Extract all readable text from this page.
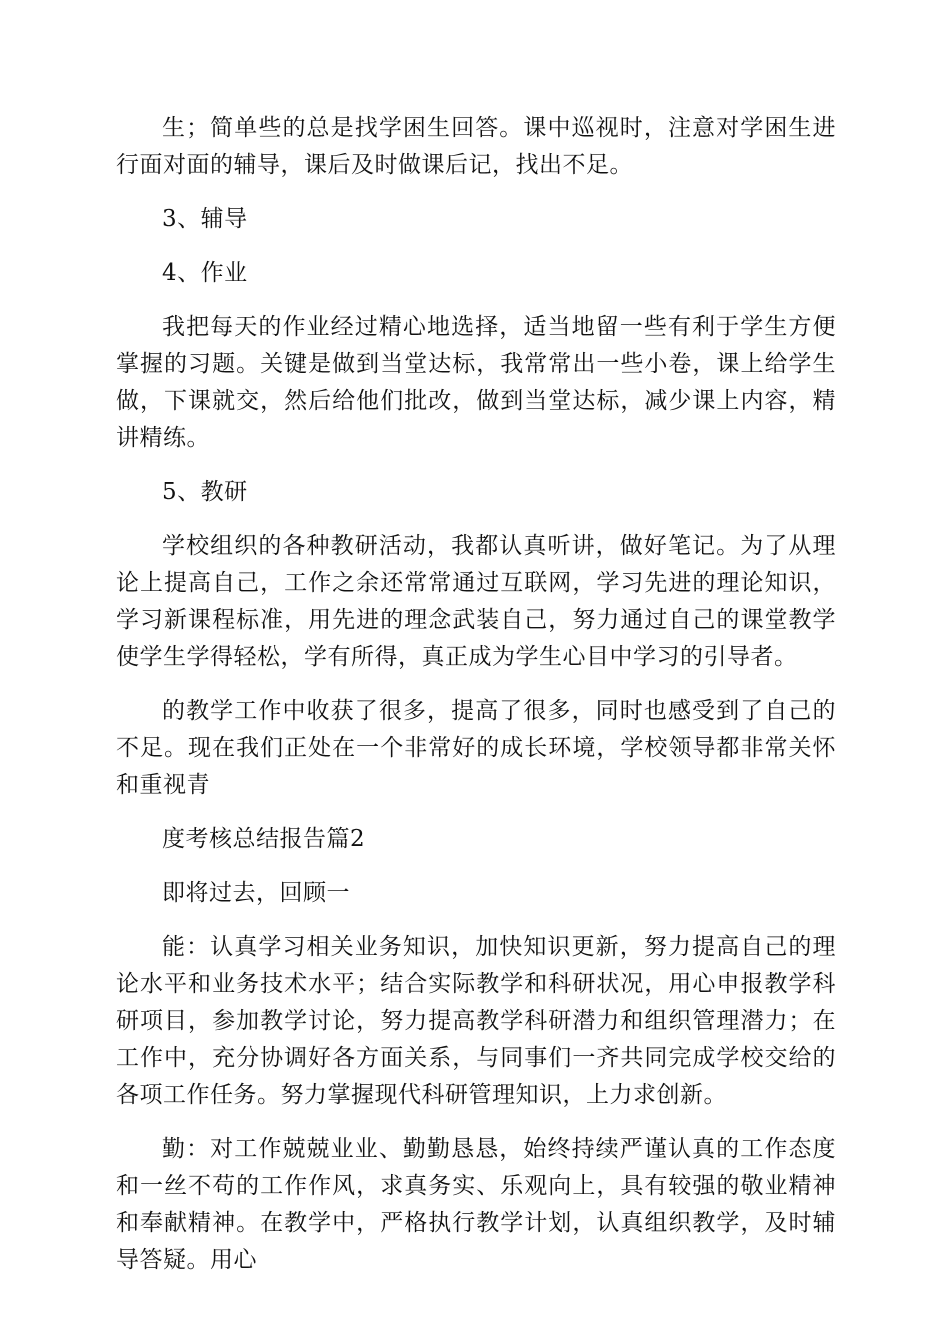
生；简单些的总是找学困生回答。课中巡视时，注意对学困生进行面对面的辅导，课后及时做课后记，找出不足。

3、辅导

4、作业

我把每天的作业经过精心地选择，适当地留一些有利于学生方便掌握的习题。关键是做到当堂达标，我常常出一些小卷，课上给学生做，下课就交，然后给他们批改，做到当堂达标，减少课上内容，精讲精练。

5、教研

学校组织的各种教研活动，我都认真听讲，做好笔记。为了从理论上提高自己，工作之余还常常通过互联网，学习先进的理论知识，学习新课程标准，用先进的理念武装自己，努力通过自己的课堂教学使学生学得轻松，学有所得，真正成为学生心目中学习的引导者。

的教学工作中收获了很多，提高了很多，同时也感受到了自己的不足。现在我们正处在一个非常好的成长环境，学校领导都非常关怀和重视青

度考核总结报告篇2

即将过去，回顾一

能：认真学习相关业务知识，加快知识更新，努力提高自己的理论水平和业务技术水平；结合实际教学和科研状况，用心申报教学科研项目，参加教学讨论，努力提高教学科研潜力和组织管理潜力；在工作中，充分协调好各方面关系，与同事们一齐共同完成学校交给的各项工作任务。努力掌握现代科研管理知识，上力求创新。

勤：对工作兢兢业业、勤勤恳恳，始终持续严谨认真的工作态度和一丝不苟的工作作风，求真务实、乐观向上，具有较强的敬业精神和奉献精神。在教学中，严格执行教学计划，认真组织教学，及时辅导答疑。用心
